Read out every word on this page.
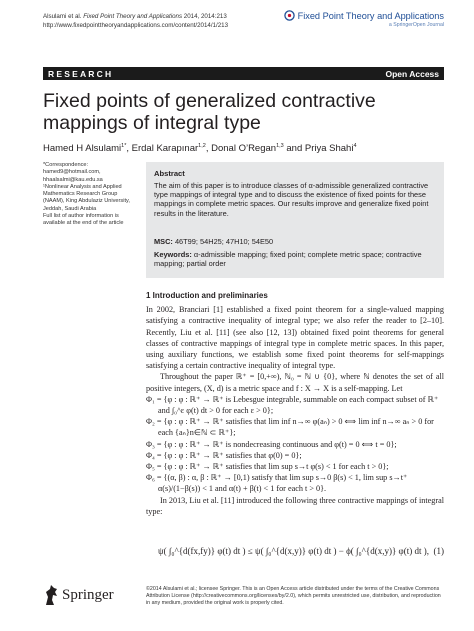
Alsulami et al. Fixed Point Theory and Applications 2014, 2014:213
http://www.fixedpointtheoryandapplications.com/content/2014/1/213
Fixed Point Theory and Applications
a SpringerOpen Journal
RESEARCH	Open Access
Fixed points of generalized contractive mappings of integral type
Hamed H Alsulami$^{1*}$, Erdal Karapınar$^{1,2}$, Donal O’Regan$^{1,3}$ and Priya Shahi$^4$
*Correspondence:
hamed9@hotmail.com,
hhaalsalmi@kau.edu.sa
¹Nonlinear Analysis and Applied
Mathematics Research Group
(NAAM), King Abdulaziz University,
Jeddah, Saudi Arabia
Full list of author information is
available at the end of the article
Abstract
The aim of this paper is to introduce classes of α-admissible generalized contractive type mappings of integral type and to discuss the existence of fixed points for these mappings in complete metric spaces. Our results improve and generalize fixed point results in the literature.
MSC: 46T99; 54H25; 47H10; 54E50
Keywords: α-admissible mapping; fixed point; complete metric space; contractive mapping; partial order
1 Introduction and preliminaries

In 2002, Branciari [1] established a fixed point theorem for a single-valued mapping satisfying a contractive inequality of integral type; we also refer the reader to [2–10]. Recently, Liu et al. [11] (see also [12, 13]) obtained fixed point theorems for general classes of contractive mappings of integral type in complete metric spaces. In this paper, using auxiliary functions, we establish some fixed point theorems for self-mappings satisfying a certain contractive inequality of integral type.

Throughout the paper ℝ⁺ = [0,+∞), ℕ₀ = ℕ ∪ {0}, where ℕ denotes the set of all positive integers, (X, d) is a metric space and f : X → X is a self-mapping. Let

Φ₁ = {φ : φ : ℝ⁺ → ℝ⁺ is Lebesgue integrable, summable on each compact subset of ℝ⁺ and ∫₀^ε φ(t) dt > 0 for each ε > 0};
Φ₂ = {φ : φ : ℝ⁺ → ℝ⁺ satisfies that lim inf n→∞ φ(aₙ) > 0 ⟺ lim inf n→∞ aₙ > 0 for each {aₙ}n∈ℕ ⊂ ℝ⁺};
Φ₃ = {φ : φ : ℝ⁺ → ℝ⁺ is nondecreasing continuous and φ(t) = 0 ⟺ t = 0};
Φ₄ = {φ : φ : ℝ⁺ → ℝ⁺ satisfies that φ(0) = 0};
Φ₅ = {φ : φ : ℝ⁺ → ℝ⁺ satisfies that lim sup s→t φ(s) < 1 for each t > 0};
Φ₆ = {(α, β) : α, β : ℝ⁺ → [0,1) satisfy that lim sup s→0 β(s) < 1, lim sup s→t⁺ α(s)/(1−β(s)) < 1 and α(t) + β(t) < 1 for each t > 0}.

In 2013, Liu et al. [11] introduced the following three contractive mappings of integral type:

ψ( ∫₀^{d(fx,fy)} φ(t) dt ) ≤ ψ( ∫₀^{d(x,y)} φ(t) dt ) − ϕ( ∫₀^{d(x,y)} φ(t) dt ), (1)
Springer	©2014 Alsulami et al.; licensee Springer. This is an Open Access article distributed under the terms of the Creative Commons Attribution License (http://creativecommons.org/licenses/by/2.0), which permits unrestricted use, distribution, and reproduction in any medium, provided the original work is properly cited.
